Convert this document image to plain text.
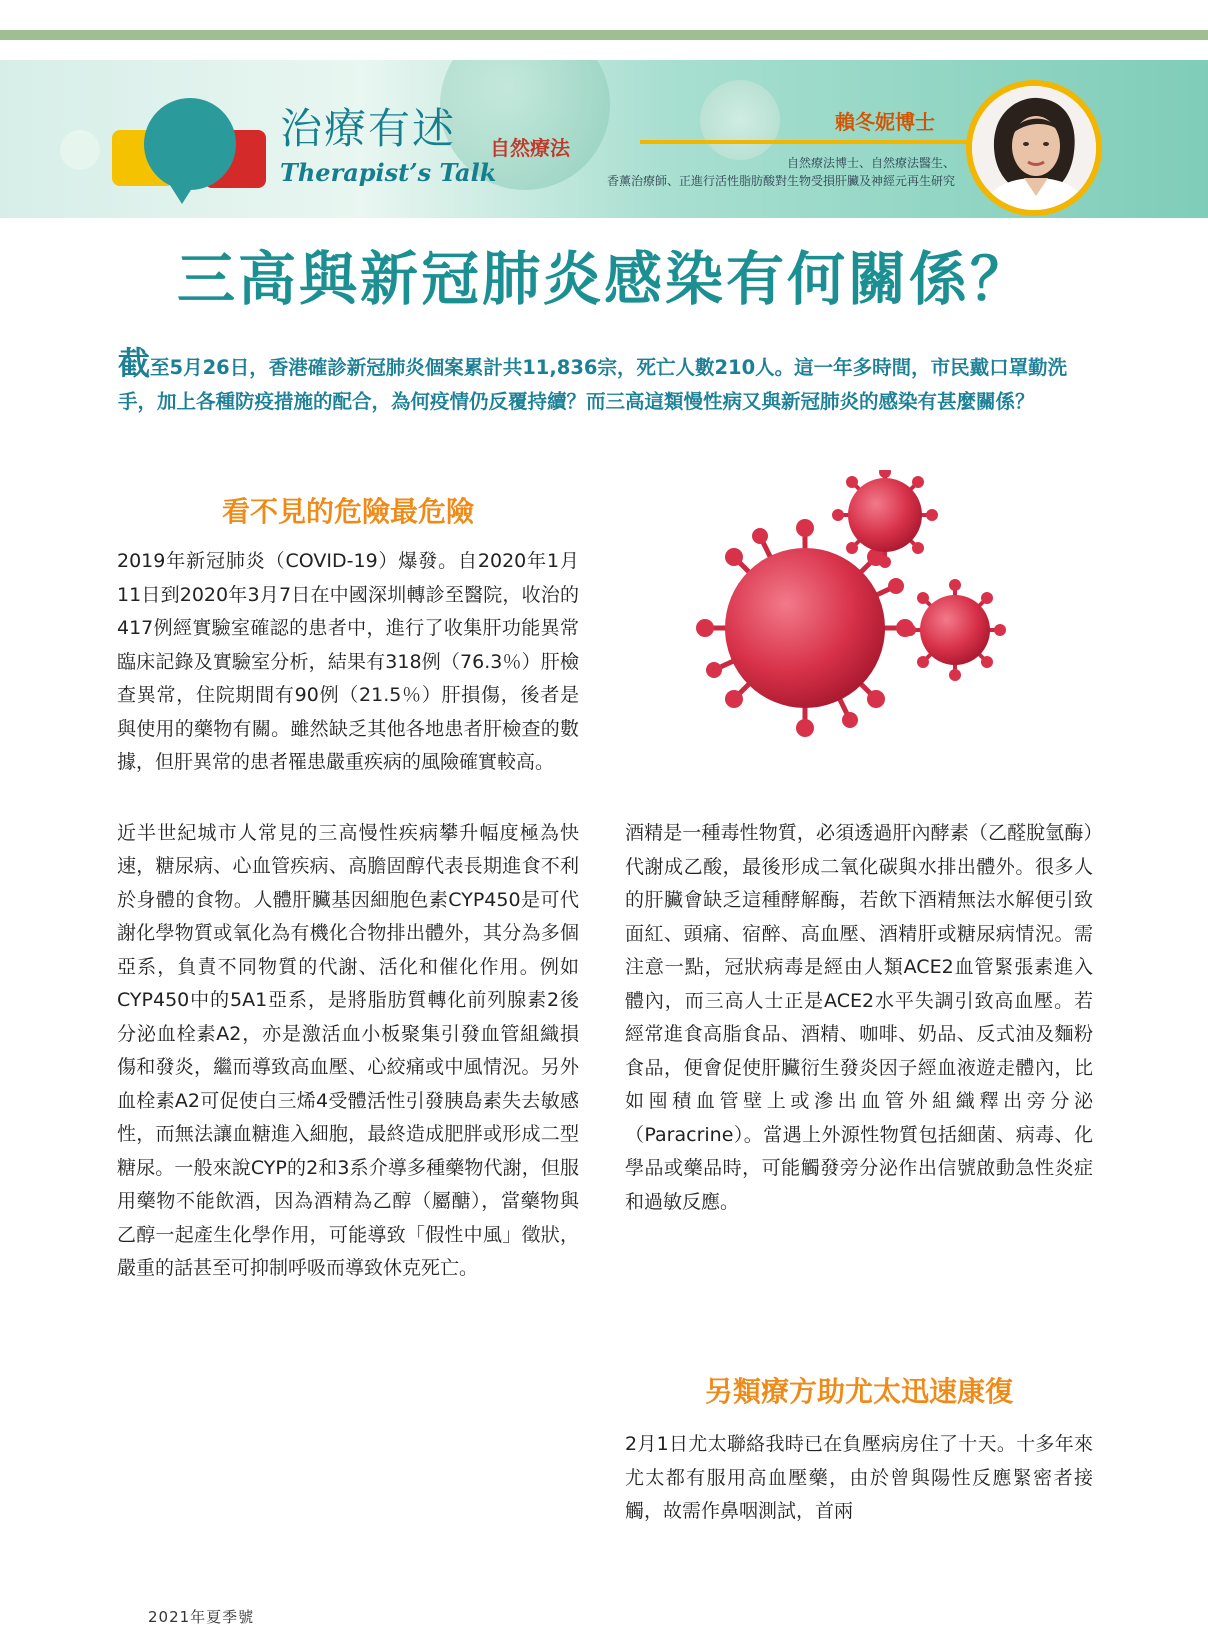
治療有述
Therapist’s Talk
自然療法
賴冬妮博士
自然療法博士、自然療法醫生、
香薰治療師、正進行活性脂肪酸對生物受損肝臟及神經元再生研究
三高與新冠肺炎感染有何關係？
截至5月26日，香港確診新冠肺炎個案累計共11,836宗，死亡人數210人。這一年多時間，市民戴口罩勤洗手，加上各種防疫措施的配合，為何疫情仍反覆持續？而三高這類慢性病又與新冠肺炎的感染有甚麼關係？
看不見的危險最危險

2019年新冠肺炎（COVID-19）爆發。自2020年1月11日到2020年3月7日在中國深圳轉診至醫院，收治的417例經實驗室確認的患者中，進行了收集肝功能異常臨床記錄及實驗室分析，結果有318例（76.3％）肝檢查異常，住院期間有90例（21.5％）肝損傷，後者是與使用的藥物有關。雖然缺乏其他各地患者肝檢查的數據，但肝異常的患者罹患嚴重疾病的風險確實較高。

近半世紀城市人常見的三高慢性疾病攀升幅度極為快速，糖尿病、心血管疾病、高膽固醇代表長期進食不利於身體的食物。人體肝臟基因細胞色素CYP450是可代謝化學物質或氧化為有機化合物排出體外，其分為多個亞系，負責不同物質的代謝、活化和催化作用。例如CYP450中的5A1亞系，是將脂肪質轉化前列腺素2後分泌血栓素A2，亦是激活血小板聚集引發血管組織損傷和發炎，繼而導致高血壓、心絞痛或中風情況。另外血栓素A2可促使白三烯4受體活性引發胰島素失去敏感性，而無法讓血糖進入細胞，最終造成肥胖或形成二型糖尿。一般來說CYP的2和3系介導多種藥物代謝，但服用藥物不能飲酒，因為酒精為乙醇（屬醣），當藥物與乙醇一起產生化學作用，可能導致「假性中風」徵狀，嚴重的話甚至可抑制呼吸而導致休克死亡。

酒精是一種毒性物質，必須透過肝內酵素（乙醛脫氫酶）代謝成乙酸，最後形成二氧化碳與水排出體外。很多人的肝臟會缺乏這種酵解酶，若飲下酒精無法水解便引致面紅、頭痛、宿醉、高血壓、酒精肝或糖尿病情況。需注意一點，冠狀病毒是經由人類ACE2血管緊張素進入體內，而三高人士正是ACE2水平失調引致高血壓。若經常進食高脂食品、酒精、咖啡、奶品、反式油及麵粉食品，便會促使肝臟衍生發炎因子經血液遊走體內，比如囤積血管壁上或滲出血管外組織釋出旁分泌（Paracrine）。當遇上外源性物質包括細菌、病毒、化學品或藥品時，可能觸發旁分泌作出信號啟動急性炎症和過敏反應。

另類療方助尤太迅速康復

2月1日尤太聯絡我時已在負壓病房住了十天。十多年來尤太都有服用高血壓藥，由於曾與陽性反應緊密者接觸，故需作鼻咽測試，首兩

2021年夏季號
